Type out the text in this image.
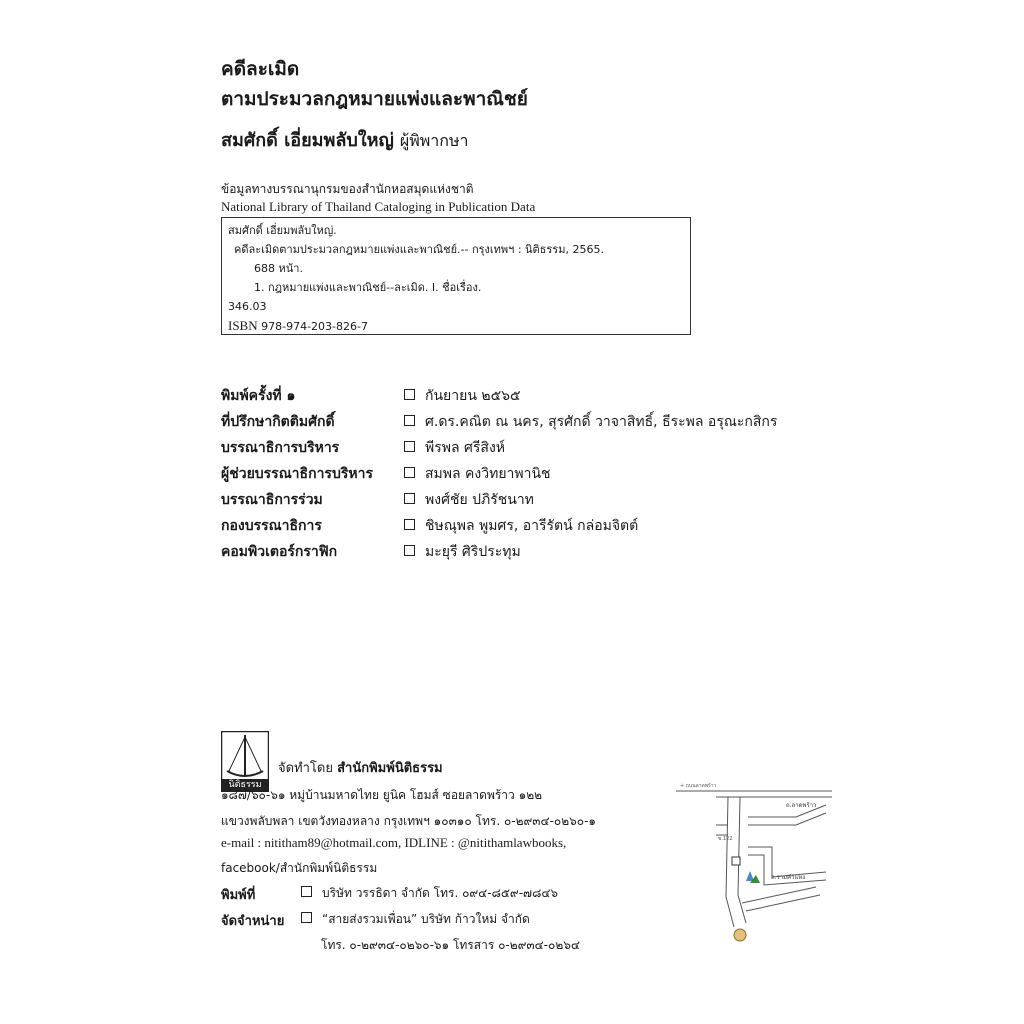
คดีละเมิด
ตามประมวลกฎหมายแพ่งและพาณิชย์
สมศักดิ์ เอี่ยมพลับใหญ่ ผู้พิพากษา
ข้อมูลทางบรรณานุกรมของสำนักหอสมุดแห่งชาติ
National Library of Thailand Cataloging in Publication Data
สมศักดิ์ เอี่ยมพลับใหญ่.
คดีละเมิดตามประมวลกฎหมายแพ่งและพาณิชย์.-- กรุงเทพฯ : นิติธรรม, 2565.
688 หน้า.
1. กฎหมายแพ่งและพาณิชย์--ละเมิด. I. ชื่อเรื่อง.
346.03
ISBN 978-974-203-826-7
พิมพ์ครั้งที่ ๑	กันยายน ๒๕๖๕
ที่ปรึกษากิตติมศักดิ์	ศ.ดร.คณิต ณ นคร, สุรศักดิ์ วาจาสิทธิ์, ธีระพล อรุณะกสิกร
บรรณาธิการบริหาร	พีรพล ศรีสิงห์
ผู้ช่วยบรรณาธิการบริหาร	สมพล คงวิทยาพานิช
บรรณาธิการร่วม	พงศ์ชัย ปภิรัชนาท
กองบรรณาธิการ	ชิษณุพล พูมศร, อารีรัตน์ กล่อมจิตต์
คอมพิวเตอร์กราฟิก	มะยุรี ศิริประทุม
นิติธรรม
จัดทำโดย สำนักพิมพ์นิติธรรม
๑๘๗/๖๐-๖๑ หมู่บ้านมหาดไทย ยูนิค โฮมส์ ซอยลาดพร้าว ๑๒๒
แขวงพลับพลา เขตวังทองหลาง กรุงเทพฯ ๑๐๓๑๐ โทร. ๐-๒๙๓๔-๐๒๖๐-๑
e-mail : nititham89@hotmail.com, IDLINE : @nitithamlawbooks,
facebook/สำนักพิมพ์นิติธรรม
พิมพ์ที่	บริษัท วรรธิดา จำกัด โทร. ๐๙๔-๘๕๙-๗๘๔๖
จัดจำหน่าย	“สายส่งรวมเพื่อน” บริษัท ก้าวใหม่ จำกัด
โทร. ๐-๒๙๓๔-๐๒๖๐-๖๑ โทรสาร ๐-๒๙๓๔-๐๒๖๔
+ ถนนลาดพร้าว
ถ.ลาดพร้าว
ซ.122
ถ.รามคำแหง
